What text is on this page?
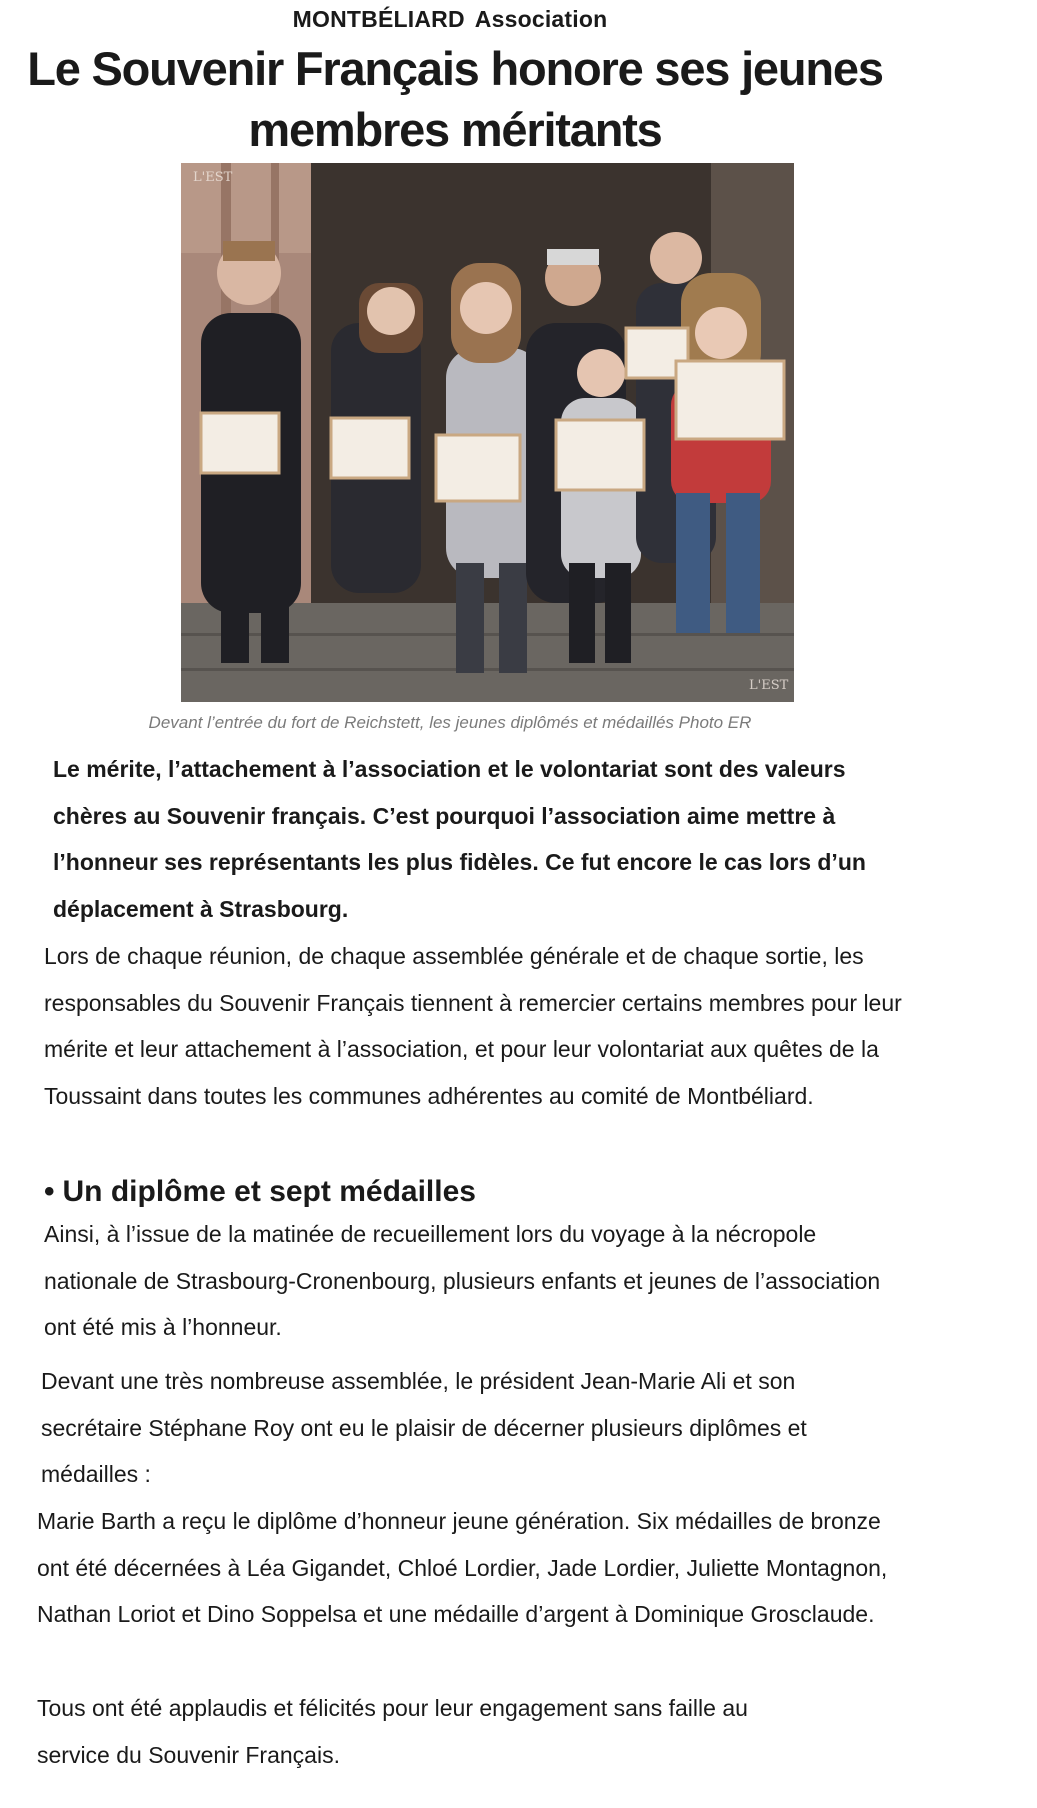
MONTBÉLIARD Association
Le Souvenir Français honore ses jeunes membres méritants
L'EST
L'EST
Devant l’entrée du fort de Reichstett, les jeunes diplômés et médaillés Photo ER

Le mérite, l’attachement à l’association et le volontariat sont des valeurs chères au Souvenir français. C’est pourquoi l’association aime mettre à l’honneur ses représentants les plus fidèles. Ce fut encore le cas lors d’un déplacement à Strasbourg.

Lors de chaque réunion, de chaque assemblée générale et de chaque sortie, les responsables du Souvenir Français tiennent à remercier certains membres pour leur mérite et leur attachement à l’association, et pour leur volontariat aux quêtes de la Toussaint dans toutes les communes adhérentes au comité de Montbéliard.

• Un diplôme et sept médailles

Ainsi, à l’issue de la matinée de recueillement lors du voyage à la nécropole nationale de Strasbourg-Cronenbourg, plusieurs enfants et jeunes de l’association ont été mis à l’honneur.

Devant une très nombreuse assemblée, le président Jean-Marie Ali et son secrétaire Stéphane Roy ont eu le plaisir de décerner plusieurs diplômes et médailles :

Marie Barth a reçu le diplôme d’honneur jeune génération. Six médailles de bronze ont été décernées à Léa Gigandet, Chloé Lordier, Jade Lordier, Juliette Montagnon, Nathan Loriot et Dino Soppelsa et une médaille d’argent à Dominique Grosclaude.

Tous ont été applaudis et félicités pour leur engagement sans faille au service du Souvenir Français.
